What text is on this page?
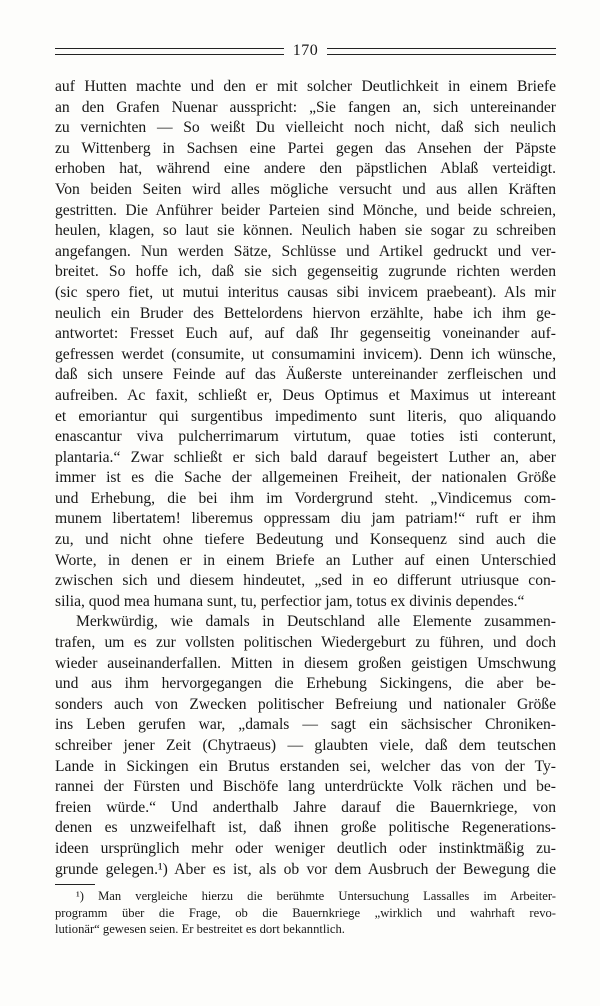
170
auf Hutten machte und den er mit solcher Deutlichkeit in einem Briefe
an den Grafen Nuenar ausspricht: „Sie fangen an, sich untereinander
zu vernichten — So weißt Du vielleicht noch nicht, daß sich neulich
zu Wittenberg in Sachsen eine Partei gegen das Ansehen der Päpste
erhoben hat, während eine andere den päpstlichen Ablaß verteidigt.
Von beiden Seiten wird alles mögliche versucht und aus allen Kräften
gestritten. Die Anführer beider Parteien sind Mönche, und beide schreien,
heulen, klagen, so laut sie können. Neulich haben sie sogar zu schreiben
angefangen. Nun werden Sätze, Schlüsse und Artikel gedruckt und ver-
breitet. So hoffe ich, daß sie sich gegenseitig zugrunde richten werden
(sic spero fiet, ut mutui interitus causas sibi invicem praebeant). Als mir
neulich ein Bruder des Bettelordens hiervon erzählte, habe ich ihm ge-
antwortet: Fresset Euch auf, auf daß Ihr gegenseitig voneinander auf-
gefressen werdet (consumite, ut consumamini invicem). Denn ich wünsche,
daß sich unsere Feinde auf das Äußerste untereinander zerfleischen und
aufreiben. Ac faxit, schließt er, Deus Optimus et Maximus ut intereant
et emoriantur qui surgentibus impedimento sunt literis, quo aliquando
enascantur viva pulcherrimarum virtutum, quae toties isti conterunt,
plantaria.“ Zwar schließt er sich bald darauf begeistert Luther an, aber
immer ist es die Sache der allgemeinen Freiheit, der nationalen Größe
und Erhebung, die bei ihm im Vordergrund steht. „Vindicemus com-
munem libertatem! liberemus oppressam diu jam patriam!“ ruft er ihm
zu, und nicht ohne tiefere Bedeutung und Konsequenz sind auch die
Worte, in denen er in einem Briefe an Luther auf einen Unterschied
zwischen sich und diesem hindeutet, „sed in eo differunt utriusque con-
silia, quod mea humana sunt, tu, perfectior jam, totus ex divinis dependes.“
Merkwürdig, wie damals in Deutschland alle Elemente zusammen-
trafen, um es zur vollsten politischen Wiedergeburt zu führen, und doch
wieder auseinanderfallen. Mitten in diesem großen geistigen Umschwung
und aus ihm hervorgegangen die Erhebung Sickingens, die aber be-
sonders auch von Zwecken politischer Befreiung und nationaler Größe
ins Leben gerufen war, „damals — sagt ein sächsischer Chroniken-
schreiber jener Zeit (Chytraeus) — glaubten viele, daß dem teutschen
Lande in Sickingen ein Brutus erstanden sei, welcher das von der Ty-
rannei der Fürsten und Bischöfe lang unterdrückte Volk rächen und be-
freien würde.“ Und anderthalb Jahre darauf die Bauernkriege, von
denen es unzweifelhaft ist, daß ihnen große politische Regenerations-
ideen ursprünglich mehr oder weniger deutlich oder instinktmäßig zu-
grunde gelegen.¹) Aber es ist, als ob vor dem Ausbruch der Bewegung die
¹) Man vergleiche hierzu die berühmte Untersuchung Lassalles im Arbeiter-
programm über die Frage, ob die Bauernkriege „wirklich und wahrhaft revo-
lutionär“ gewesen seien. Er bestreitet es dort bekanntlich.
